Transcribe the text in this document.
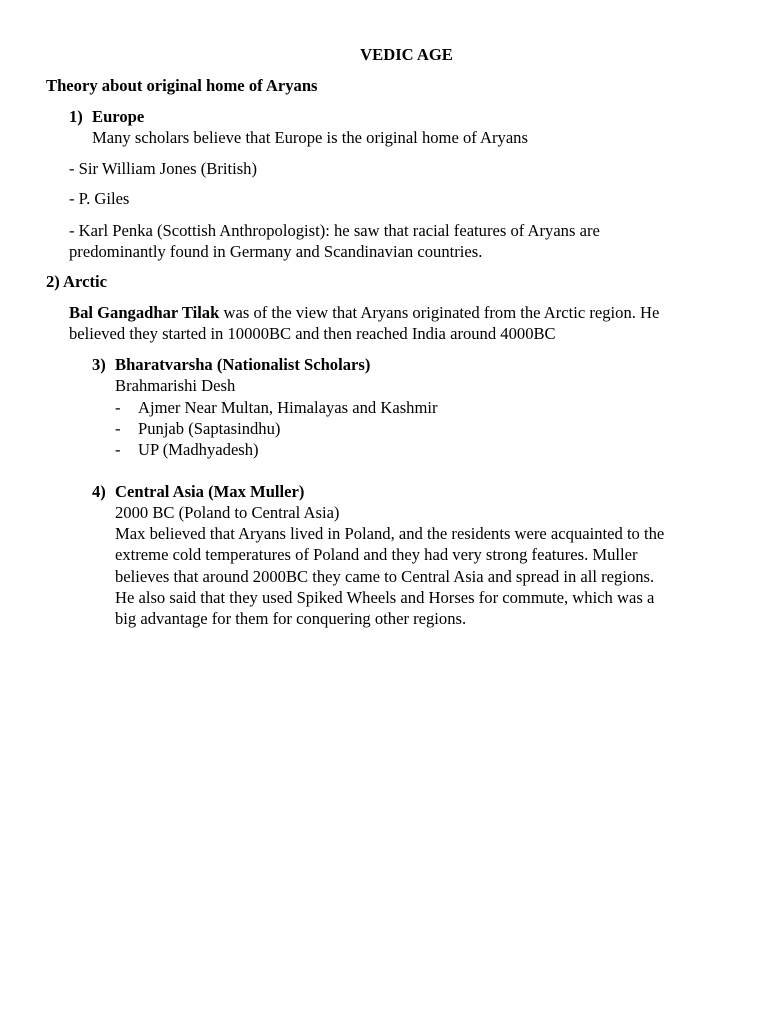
VEDIC AGE

Theory about original home of Aryans

1) Europe

Many scholars believe that Europe is the original home of Aryans

- Sir William Jones (British)

- P. Giles

- Karl Penka (Scottish Anthropologist): he saw that racial features of Aryans are

predominantly found in Germany and Scandinavian countries.

2) Arctic

Bal Gangadhar Tilak was of the view that Aryans originated from the Arctic region. He

believed they started in 10000BC and then reached India around 4000BC

3) Bharatvarsha (Nationalist Scholars)

Brahmarishi Desh

- Ajmer Near Multan, Himalayas and Kashmir

- Punjab (Saptasindhu)

- UP (Madhyadesh)

4) Central Asia (Max Muller)

2000 BC (Poland to Central Asia)

Max believed that Aryans lived in Poland, and the residents were acquainted to the

extreme cold temperatures of Poland and they had very strong features. Muller

believes that around 2000BC they came to Central Asia and spread in all regions.

He also said that they used Spiked Wheels and Horses for commute, which was a

big advantage for them for conquering other regions.
